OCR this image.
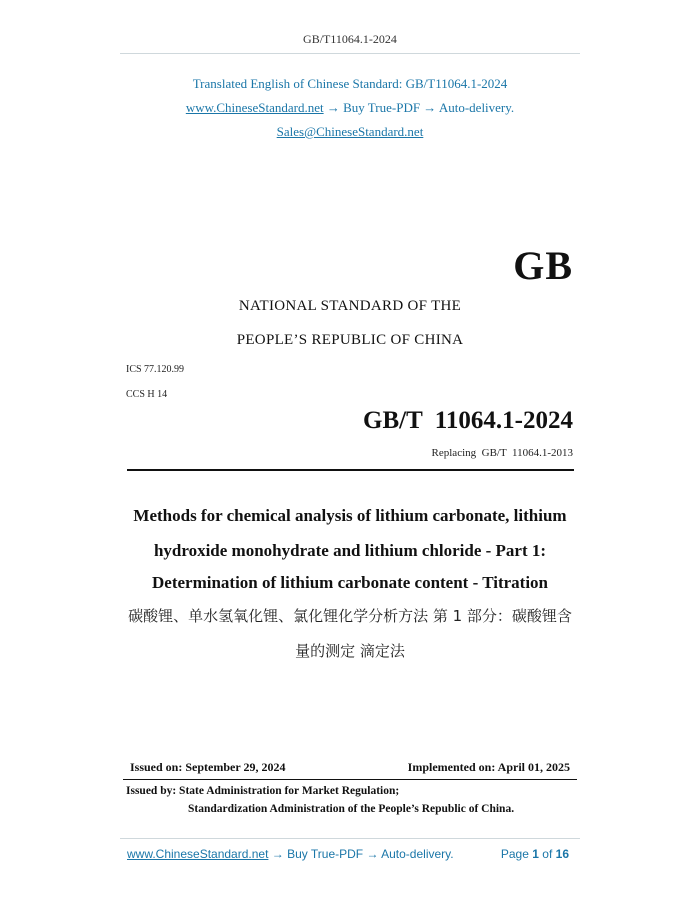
GB/T11064.1-2024
Translated English of Chinese Standard: GB/T11064.1-2024
www.ChineseStandard.net → Buy True-PDF → Auto-delivery.
Sales@ChineseStandard.net
GB
NATIONAL STANDARD OF THE
PEOPLE’S REPUBLIC OF CHINA
ICS 77.120.99
CCS H 14
GB/T  11064.1-2024
Replacing  GB/T  11064.1-2013
Methods for chemical analysis of lithium carbonate, lithium
hydroxide monohydrate and lithium chloride - Part 1:
Determination of lithium carbonate content - Titration
碳酸锂、单水氢氧化锂、氯化锂化学分析方法 第 1 部分：碳酸锂含
量的测定 滴定法
Issued on: September 29, 2024	Implemented on: April 01, 2025
Issued by: State Administration for Market Regulation;
Standardization Administration of the People’s Republic of China.
www.ChineseStandard.net → Buy True-PDF → Auto-delivery.	Page 1 of 16
